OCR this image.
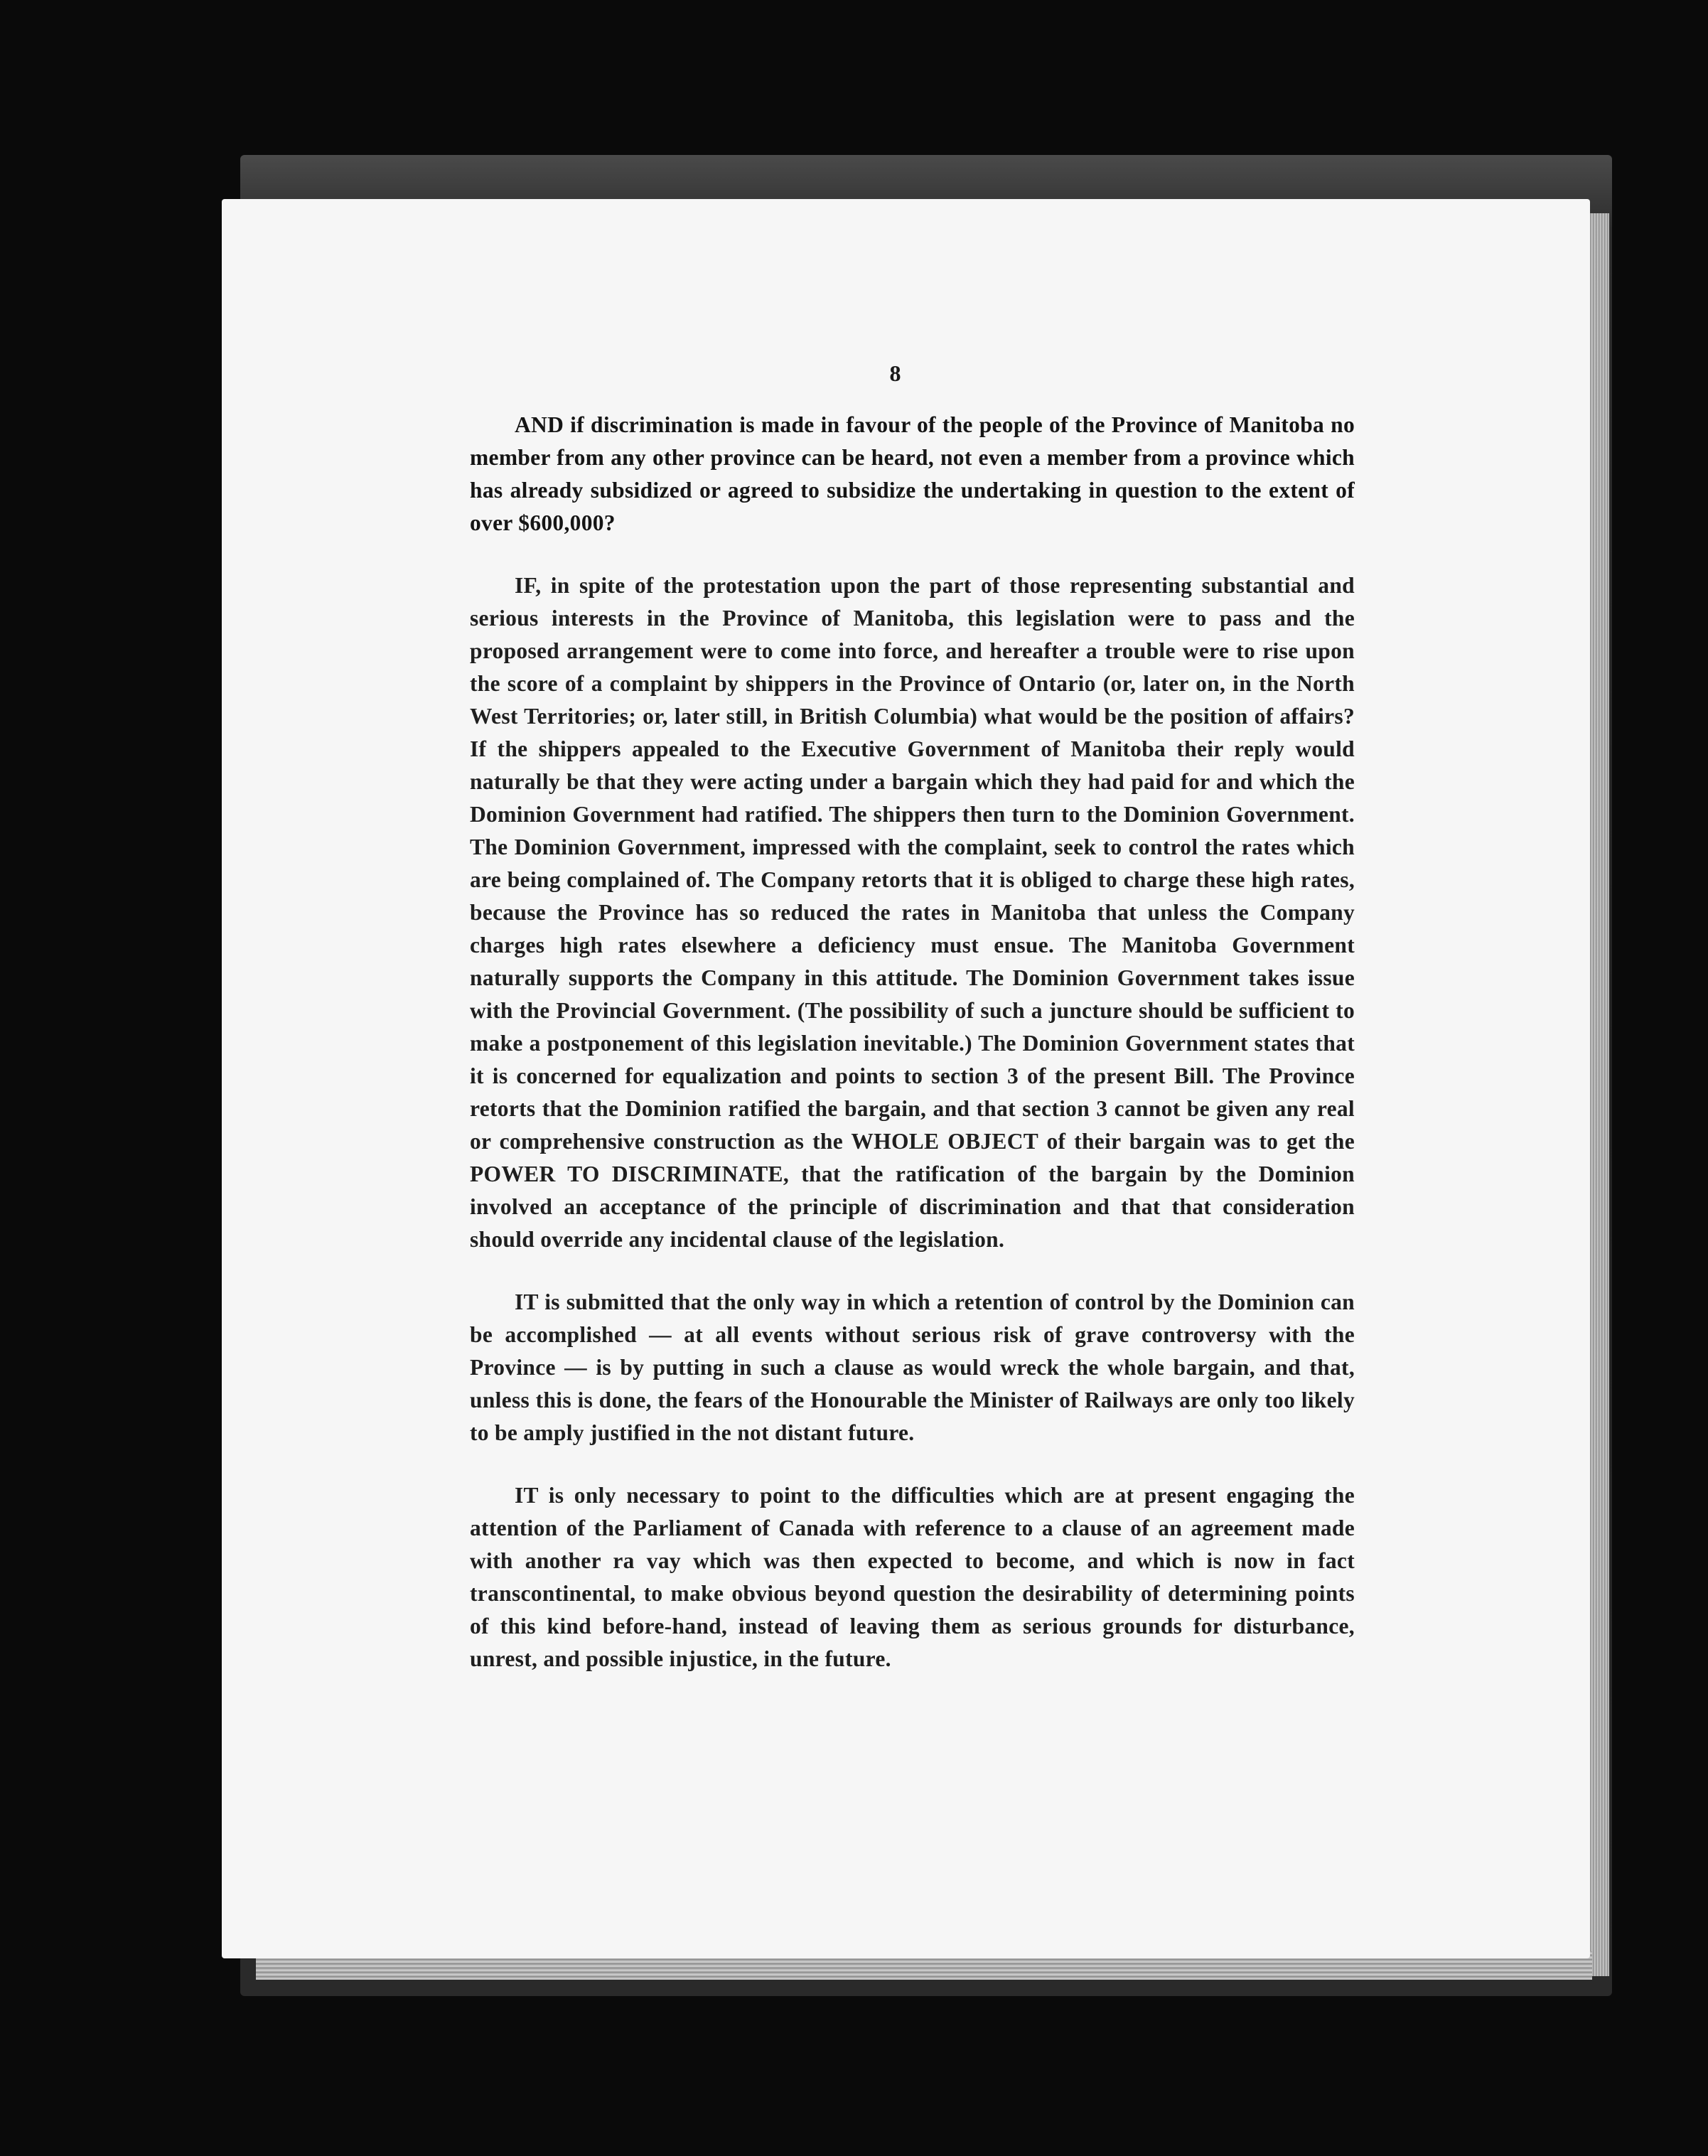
8

AND if discrimination is made in favour of the people of the Province of Manitoba no member from any other province can be heard, not even a member from a province which has already subsidized or agreed to subsidize the undertaking in question to the extent of over $600,000?

IF, in spite of the protestation upon the part of those representing substantial and serious interests in the Province of Manitoba, this legislation were to pass and the proposed arrangement were to come into force, and hereafter a trouble were to rise upon the score of a complaint by shippers in the Province of Ontario (or, later on, in the North West Territories; or, later still, in British Columbia) what would be the position of affairs? If the shippers appealed to the Executive Government of Manitoba their reply would naturally be that they were acting under a bargain which they had paid for and which the Dominion Government had ratified. The shippers then turn to the Dominion Government. The Dominion Government, impressed with the complaint, seek to control the rates which are being complained of. The Company retorts that it is obliged to charge these high rates, because the Province has so reduced the rates in Manitoba that unless the Company charges high rates elsewhere a deficiency must ensue. The Manitoba Government naturally supports the Company in this attitude. The Dominion Government takes issue with the Provincial Government. (The possibility of such a juncture should be sufficient to make a postponement of this legislation inevitable.) The Dominion Government states that it is concerned for equalization and points to section 3 of the present Bill. The Province retorts that the Dominion ratified the bargain, and that section 3 cannot be given any real or comprehensive construction as the WHOLE OBJECT of their bargain was to get the POWER TO DISCRIMINATE, that the ratification of the bargain by the Dominion involved an acceptance of the principle of discrimination and that that consideration should override any incidental clause of the legislation.

IT is submitted that the only way in which a retention of control by the Dominion can be accomplished — at all events without serious risk of grave controversy with the Province — is by putting in such a clause as would wreck the whole bargain, and that, unless this is done, the fears of the Honourable the Minister of Railways are only too likely to be amply justified in the not distant future.

IT is only necessary to point to the difficulties which are at present engaging the attention of the Parliament of Canada with reference to a clause of an agreement made with another ra vay which was then expected to become, and which is now in fact transcontinental, to make obvious beyond question the desirability of determining points of this kind before-hand, instead of leaving them as serious grounds for disturbance, unrest, and possible injustice, in the future.
